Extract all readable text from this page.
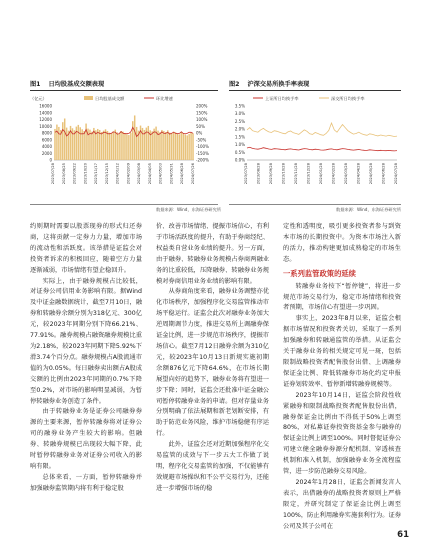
图1 日均股基成交额表现	图2 沪深交易所换手率表现
（亿元）	日均股基成交额	环比增速
0
2000
4000
6000
8000
10000
12000
14000
16000
-200%
-150%
-100%
-50%
0%
50%
100%
150%
200%
2023/07/28 2023/08/25 2023/09/22 2023/10/20 2023/11/17 2023/12/15 2024/01/12 2024/02/09 2024/03/08 2024/04/05 2024/05/03 2024/05/31 2024/06/28 2024/07/26
上证所日均换手率	深交所日均换手率
0.0%
0.5%
1.0%
1.5%
2.0%
2.5%
3.0%
3.5%
2023/07/28 2023/08/28 2023/09/28 2023/10/28 2023/11/28 2023/12/28 2024/01/28 2024/02/28 2024/03/28 2024/04/28 2024/05/28 2024/06/28 2024/07/28
数据来源：Wind，东海证券研究所	数据来源：Wind，东海证券研究所

约则期时需要以股票现券的形式归还券商，这将贡献一定券力力量，增加市场的流动性和活跃度。该举措是证监会对投资者诉求的积极回应，随着空方力量逐渐减弱，市场情绪有望企稳回升。

实际上，由于融券规模占比较低，对证券公司信用业务影响有限。据Wind及中证金融数据统计，截至7月10日，融券和转融券余额分别为318亿元、300亿元，较2023年同期分别下降66.21%、77.91%。融券规模占融资融券规模比重为2.18%，较2023年同期下降5.92%下滑3.74个百分点。融券规模占A股流通市值的为0.05%。每日融券卖出额占A股成交额的比例由2023年同期的0.7%下降至0.2%，对市场的影响明显减弱，为暂停转融券业务创造了条件。

由于转融券业务是证券公司融券券源的主要来源，暂停转融券将对证券公司的融券业务产生较大的影响。但融券、转融券规模已出现较大幅下降，此时暂停转融券业务对证券公司收入的影响有限。

总体来看，一方面，暂停转融券并加强融券监管期内将有利于稳定股

价、改善市场情绪、提振市场信心，有利于市场活跃度的提升，有助于券商经纪、权益类自营业务业绩的提升。另一方面，由于融券、转融券业务规模占券商两融业务的比重较低，压降融券、转融券业务规模对券商信用业务业绩的影响有限。

从券商角度来看，融券业务调整亦优化市场秩序，加强程序化交易监管推动市场平稳运行。证监会此次对融券业务加大逆周期调节力度，推进交易所上调融券保证金比例，进一步规范市场秩序，提振市场信心。截至7月12日融券余额为310亿元，较2023年10月13日新规实施初期余额876亿元下降64.6%，在市场长期展望向好的趋势下，融券业务将有望进一步下降；同时，证监会还批准中证金融公司暂停转融券业务的申请。但对存量业务分别明确了依法展期和新老划断安排，有助于防范业务风险，维护市场稳健有序运行。

此外，证监会还对近期加强程序化交易监管的成效与下一步五大工作做了说明，程序化交易监管的加强，不仅能够有效规避市场操纵和不公平交易行为，还能进一步增强市场的稳

定性和透明度，吸引更多投资者参与到资本市场的长期投资中。为资本市场注入新的活力，推动构建更加成熟稳定的市场生态。

一系列监管政策的延续

转融券业务按下“暂停键”，将进一步规范市场交易行为，稳定市场情绪和投资者预期，市场信心有望进一步巩固。

事实上，2023年8月以来，证监会根据市场情况和投资者关切，采取了一系列加强融券和转融通监管的举措。从证监会关于融券业务的相关规定可见一斑，包括限制战略投资者配售股份出借、上调融券保证金比例、降低转融券市场化约定申报证券划转效率、暂停新增转融券规模等。

2023年10月14日，证监会阶段性收紧融券和限制战略投资者配售股份出借，融券保证金比例由不得低于50%上调至80%，对私募证券投资资基金参与融券的保证金比例上调至100%。同时督促证券公司建立健全融券券源分配机制、穿透核查机制和准入机制，加强融券业务全流程监管，进一步防范融券交易风险。

2024年1月28日，证监会新闻发言人表示，出借融券的战略投资者原则上严格限定，并研究制定了保证金比例上调至100%，防止利用融券实施套利行为。证券公司及其子公司在

61
